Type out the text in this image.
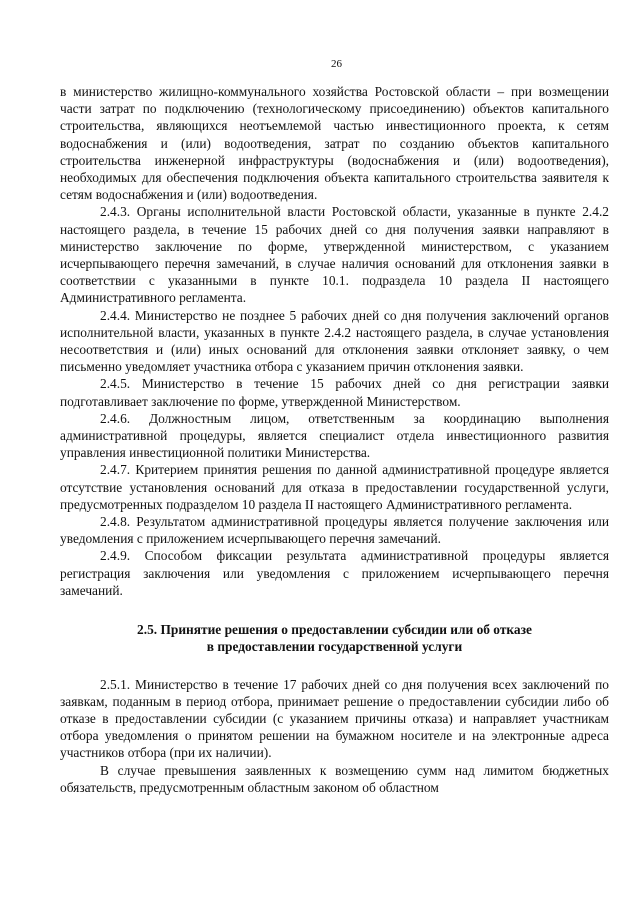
26

в министерство жилищно-коммунального хозяйства Ростовской области – при возмещении части затрат по подключению (технологическому присоединению) объектов капитального строительства, являющихся неотъемлемой частью инвестиционного проекта, к сетям водоснабжения и (или) водоотведения, затрат по созданию объектов капитального строительства инженерной инфраструктуры (водоснабжения и (или) водоотведения), необходимых для обеспечения подключения объекта капитального строительства заявителя к сетям водоснабжения и (или) водоотведения.

2.4.3. Органы исполнительной власти Ростовской области, указанные в пункте 2.4.2 настоящего раздела, в течение 15 рабочих дней со дня получения заявки направляют в министерство заключение по форме, утвержденной министерством, с указанием исчерпывающего перечня замечаний, в случае наличия оснований для отклонения заявки в соответствии с указанными в пункте 10.1. подраздела 10 раздела II настоящего Административного регламента.

2.4.4. Министерство не позднее 5 рабочих дней со дня получения заключений органов исполнительной власти, указанных в пункте 2.4.2 настоящего раздела, в случае установления несоответствия и (или) иных оснований для отклонения заявки отклоняет заявку, о чем письменно уведомляет участника отбора с указанием причин отклонения заявки.

2.4.5. Министерство в течение 15 рабочих дней со дня регистрации заявки подготавливает заключение по форме, утвержденной Министерством.

2.4.6. Должностным лицом, ответственным за координацию выполнения административной процедуры, является специалист отдела инвестиционного развития управления инвестиционной политики Министерства.

2.4.7. Критерием принятия решения по данной административной процедуре является отсутствие установления оснований для отказа в предоставлении государственной услуги, предусмотренных подразделом 10 раздела II настоящего Административного регламента.

2.4.8. Результатом административной процедуры является получение заключения или уведомления с приложением исчерпывающего перечня замечаний.

2.4.9. Способом фиксации результата административной процедуры является регистрация заключения или уведомления с приложением исчерпывающего перечня замечаний.

2.5. Принятие решения о предоставлении субсидии или об отказе
в предоставлении государственной услуги

2.5.1. Министерство в течение 17 рабочих дней со дня получения всех заключений по заявкам, поданным в период отбора, принимает решение о предоставлении субсидии либо об отказе в предоставлении субсидии (с указанием причины отказа) и направляет участникам отбора уведомления о принятом решении на бумажном носителе и на электронные адреса участников отбора (при их наличии).

В случае превышения заявленных к возмещению сумм над лимитом бюджетных обязательств, предусмотренным областным законом об областном
